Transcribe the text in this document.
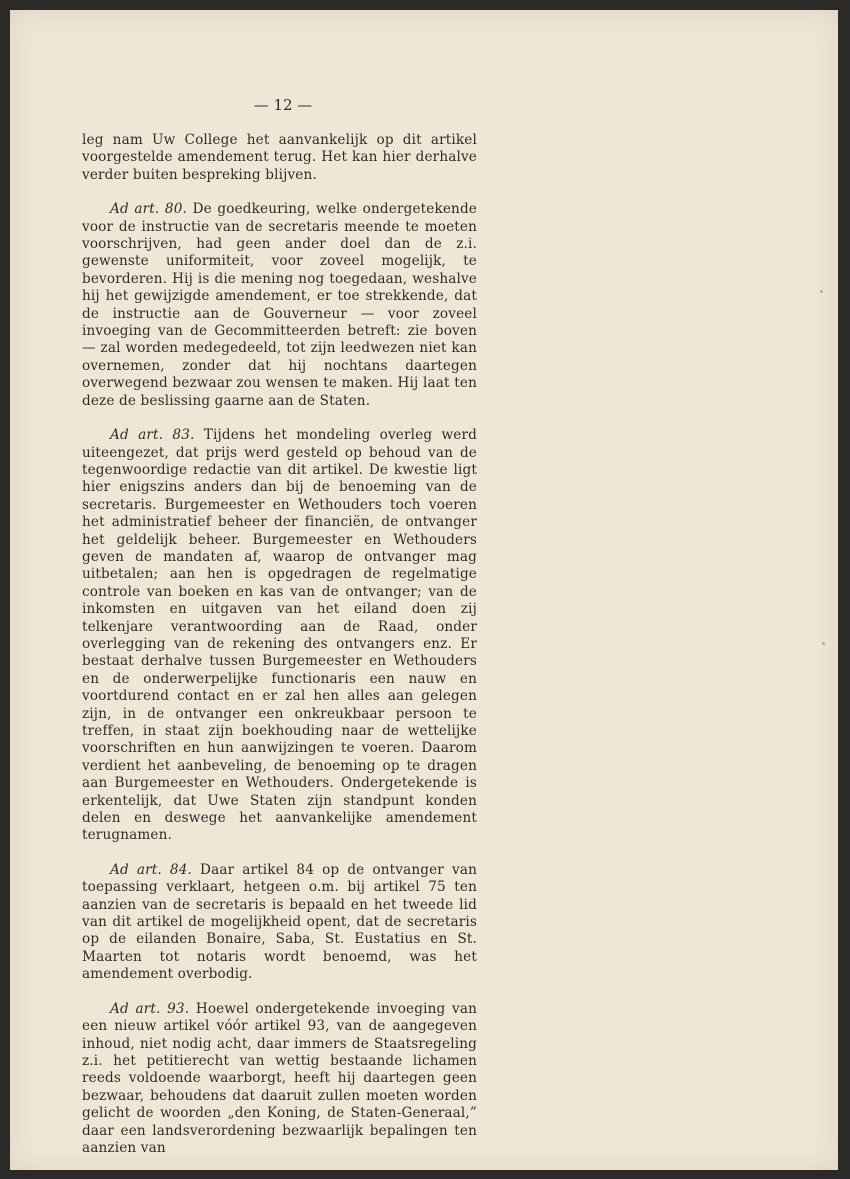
— 12 —

leg nam Uw College het aanvankelijk op dit artikel voorgestelde amendement terug. Het kan hier derhalve verder buiten bespreking blijven.

Ad art. 80. De goedkeuring, welke ondergetekende voor de instructie van de secretaris meende te moeten voorschrijven, had geen ander doel dan de z.i. gewenste uniformiteit, voor zoveel mogelijk, te bevorderen. Hij is die mening nog toegedaan, weshalve hij het gewijzigde amendement, er toe strekkende, dat de instructie aan de Gouverneur — voor zoveel invoeging van de Gecommitteerden betreft: zie boven — zal worden medegedeeld, tot zijn leedwezen niet kan overnemen, zonder dat hij nochtans daartegen overwegend bezwaar zou wensen te maken. Hij laat ten deze de beslissing gaarne aan de Staten.

Ad art. 83. Tijdens het mondeling overleg werd uiteengezet, dat prijs werd gesteld op behoud van de tegenwoordige redactie van dit artikel. De kwestie ligt hier enigszins anders dan bij de benoeming van de secretaris. Burgemeester en Wethouders toch voeren het administratief beheer der financiën, de ontvanger het geldelijk beheer. Burgemeester en Wethouders geven de mandaten af, waarop de ontvanger mag uitbetalen; aan hen is opgedragen de regelmatige controle van boeken en kas van de ontvanger; van de inkomsten en uitgaven van het eiland doen zij telkenjare verantwoording aan de Raad, onder overlegging van de rekening des ontvangers enz. Er bestaat derhalve tussen Burgemeester en Wethouders en de onderwerpelijke functionaris een nauw en voortdurend contact en er zal hen alles aan gelegen zijn, in de ontvanger een onkreukbaar persoon te treffen, in staat zijn boekhouding naar de wettelijke voorschriften en hun aanwijzingen te voeren. Daarom verdient het aanbeveling, de benoeming op te dragen aan Burgemeester en Wethouders. Ondergetekende is erkentelijk, dat Uwe Staten zijn standpunt konden delen en deswege het aanvankelijke amendement terugnamen.

Ad art. 84. Daar artikel 84 op de ontvanger van toepassing verklaart, hetgeen o.m. bij artikel 75 ten aanzien van de secretaris is bepaald en het tweede lid van dit artikel de mogelijkheid opent, dat de secretaris op de eilanden Bonaire, Saba, St. Eustatius en St. Maarten tot notaris wordt benoemd, was het amendement overbodig.

Ad art. 93. Hoewel ondergetekende invoeging van een nieuw artikel vóór artikel 93, van de aangegeven inhoud, niet nodig acht, daar immers de Staatsregeling z.i. het petitierecht van wettig bestaande lichamen reeds voldoende waarborgt, heeft hij daartegen geen bezwaar, behoudens dat daaruit zullen moeten worden gelicht de woorden „den Koning, de Staten-Generaal,” daar een landsverordening bezwaarlijk bepalingen ten aanzien van
